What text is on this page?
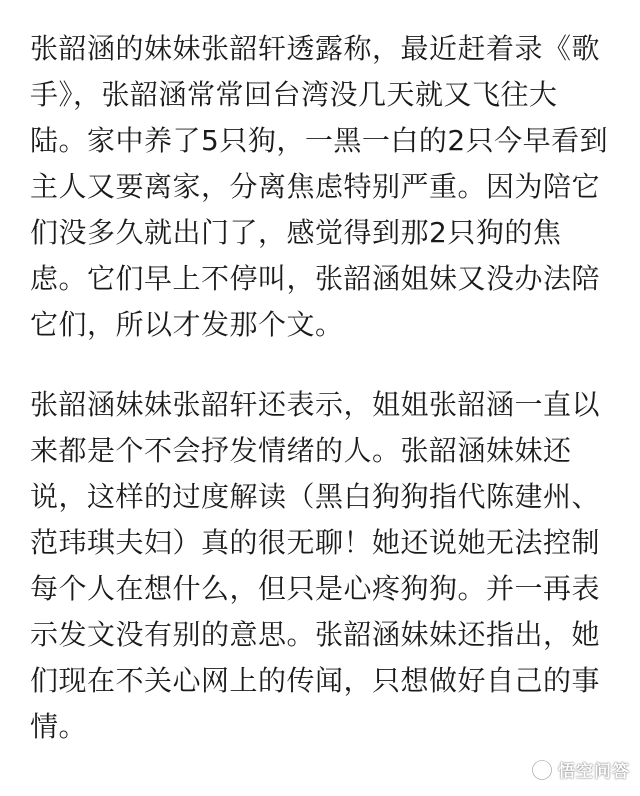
张韶涵的妹妹张韶轩透露称，最近赶着录《歌
手》，张韶涵常常回台湾没几天就又飞往大
陆。家中养了5只狗，一黑一白的2只今早看到
主人又要离家，分离焦虑特别严重。因为陪它
们没多久就出门了，感觉得到那2只狗的焦
虑。它们早上不停叫，张韶涵姐妹又没办法陪
它们，所以才发那个文。
张韶涵妹妹张韶轩还表示，姐姐张韶涵一直以
来都是个不会抒发情绪的人。张韶涵妹妹还
说，这样的过度解读（黑白狗狗指代陈建州、
范玮琪夫妇）真的很无聊！她还说她无法控制
每个人在想什么，但只是心疼狗狗。并一再表
示发文没有别的意思。张韶涵妹妹还指出，她
们现在不关心网上的传闻，只想做好自己的事
情。
悟空问答
